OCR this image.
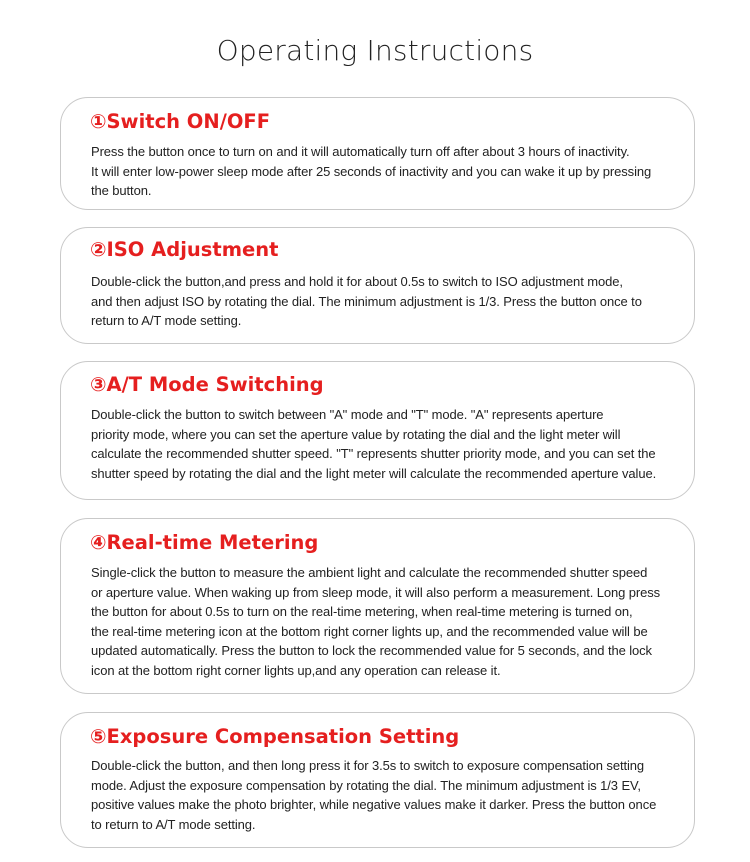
Operating Instructions
①Switch ON/OFF

Press the button once to turn on and it will automatically turn off after about 3 hours of inactivity.
It will enter low-power sleep mode after 25 seconds of inactivity and you can wake it up by pressing
the button.

②ISO Adjustment

Double-click the button,and press and hold it for about 0.5s to switch to ISO adjustment mode,
and then adjust ISO by rotating the dial. The minimum adjustment is 1/3. Press the button once to
return to A/T mode setting.

③A/T Mode Switching

Double-click the button to switch between "A" mode and "T" mode. "A" represents aperture
priority mode, where you can set the aperture value by rotating the dial and the light meter will
calculate the recommended shutter speed. "T" represents shutter priority mode, and you can set the
shutter speed by rotating the dial and the light meter will calculate the recommended aperture value.

④Real-time Metering

Single-click the button to measure the ambient light and calculate the recommended shutter speed
or aperture value. When waking up from sleep mode, it will also perform a measurement. Long press
the button for about 0.5s to turn on the real-time metering, when real-time metering is turned on,
the real-time metering icon at the bottom right corner lights up, and the recommended value will be
updated automatically. Press the button to lock the recommended value for 5 seconds, and the lock
icon at the bottom right corner lights up,and any operation can release it.

⑤Exposure Compensation Setting

Double-click the button, and then long press it for 3.5s to switch to exposure compensation setting
mode. Adjust the exposure compensation by rotating the dial. The minimum adjustment is 1/3 EV,
positive values make the photo brighter, while negative values make it darker. Press the button once
to return to A/T mode setting.
